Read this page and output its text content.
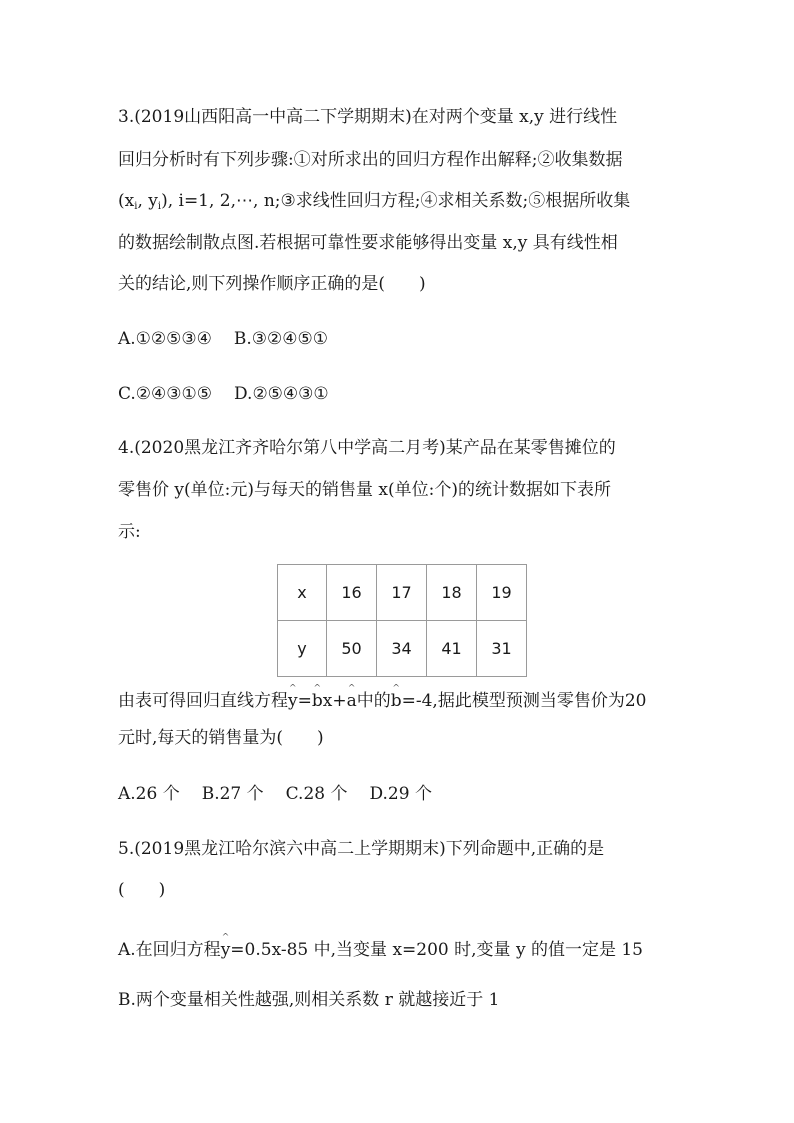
3.(2019山西阳高一中高二下学期期末)在对两个变量 x,y 进行线性
回归分析时有下列步骤:①对所求出的回归方程作出解释;②收集数据
($x_i$, $y_i$), i=1, 2,⋯, n;③求线性回归方程;④求相关系数;⑤根据所收集
的数据绘制散点图.若根据可靠性要求能够得出变量 x,y 具有线性相
关的结论,则下列操作顺序正确的是(　　)
A.①②⑤③④ B.③②④⑤①
C.②④③①⑤ D.②⑤④③①
4.(2020黑龙江齐齐哈尔第八中学高二月考)某产品在某零售摊位的
零售价 y(单位:元)与每天的销售量 x(单位:个)的统计数据如下表所
示:
x	16	17	18	19
y	50	34	41	31
由表可得回归直线方程^ y=^ bx+^ a中的^ b=-4,据此模型预测当零售价为20
元时,每天的销售量为(　　)
A.26 个 B.27 个 C.28 个 D.29 个
5.(2019黑龙江哈尔滨六中高二上学期期末)下列命题中,正确的是
(　　)
A.在回归方程^ y=0.5x-85 中,当变量 x=200 时,变量 y 的值一定是 15
B.两个变量相关性越强,则相关系数 r 就越接近于 1
